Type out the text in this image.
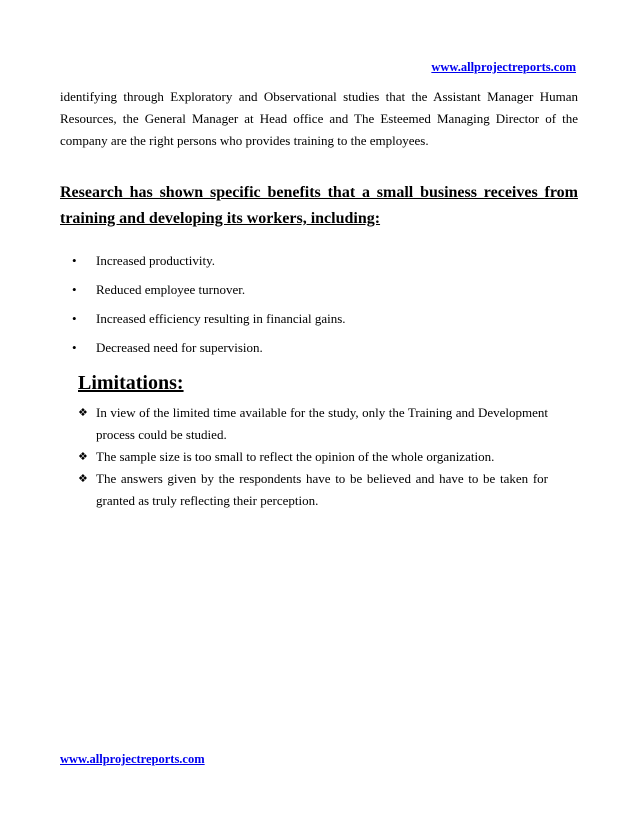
www.allprojectreports.com

identifying through Exploratory and Observational studies that the Assistant Manager Human Resources, the General Manager at Head office and The Esteemed Managing Director of the company are the right persons who provides training to the employees.

Research has shown specific benefits that a small business receives from training and developing its workers, including:

• Increased productivity.
• Reduced employee turnover.
• Increased efficiency resulting in financial gains.
• Decreased need for supervision.
Limitations:
❖ In view of the limited time available for the study, only the Training and Development process could be studied.
❖ The sample size is too small to reflect the opinion of the whole organization.
❖ The answers given by the respondents have to be believed and have to be taken for granted as truly reflecting their perception.
www.allprojectreports.com
